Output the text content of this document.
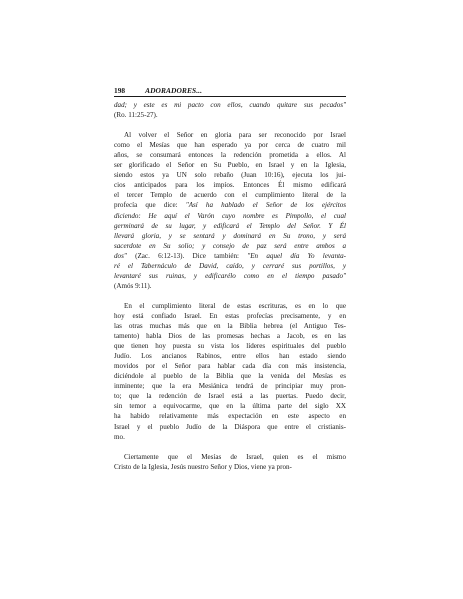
198	ADORADORES...
dad; y este es mi pacto con ellos, cuando quitare sus pecados"
(Ro. 11:25-27).
Al volver el Señor en gloria para ser reconocido por Israel
como el Mesías que han esperado ya por cerca de cuatro mil
años, se consumará entonces la redención prometida a ellos. Al
ser glorificado el Señor en Su Pueblo, en Israel y en la Iglesia,
siendo estos ya UN solo rebaño (Juan 10:16), ejecuta los jui-
cios anticipados para los impíos. Entonces Él mismo edificará
el tercer Templo de acuerdo con el cumplimiento literal de la
profecía que dice: "Así ha hablado el Señor de los ejércitos
diciendo: He aquí el Varón cuyo nombre es Pimpollo, el cual
germinará de su lugar, y edificará el Templo del Señor. Y Él
llevará gloria, y se sentará y dominará en Su trono, y será
sacerdote en Su solio; y consejo de paz será entre ambos a
dos" (Zac. 6:12-13). Dice también: "En aquel día Yo levanta-
ré el Tabernáculo de David, caído, y cerraré sus portillos, y
levantaré sus ruinas, y edificarélo como en el tiempo pasado"
(Amós 9:11).
En el cumplimiento literal de estas escrituras, es en lo que
hoy está confiado Israel. En estas profecías precisamente, y en
las otras muchas más que en la Biblia hebrea (el Antiguo Tes-
tamento) habla Dios de las promesas hechas a Jacob, es en las
que tienen hoy puesta su vista los líderes espirituales del pueblo
Judío. Los ancianos Rabinos, entre ellos han estado siendo
movidos por el Señor para hablar cada día con más insistencia,
diciéndole al pueblo de la Biblia que la venida del Mesías es
inminente; que la era Mesiánica tendrá de principiar muy pron-
to; que la redención de Israel está a las puertas. Puedo decir,
sin temor a equivocarme, que en la última parte del siglo XX
ha habido relativamente más expectación en este aspecto en
Israel y el pueblo Judío de la Diáspora que entre el cristianis-
mo.
Ciertamente que el Mesías de Israel, quien es el mismo
Cristo de la Iglesia, Jesús nuestro Señor y Dios, viene ya pron-
